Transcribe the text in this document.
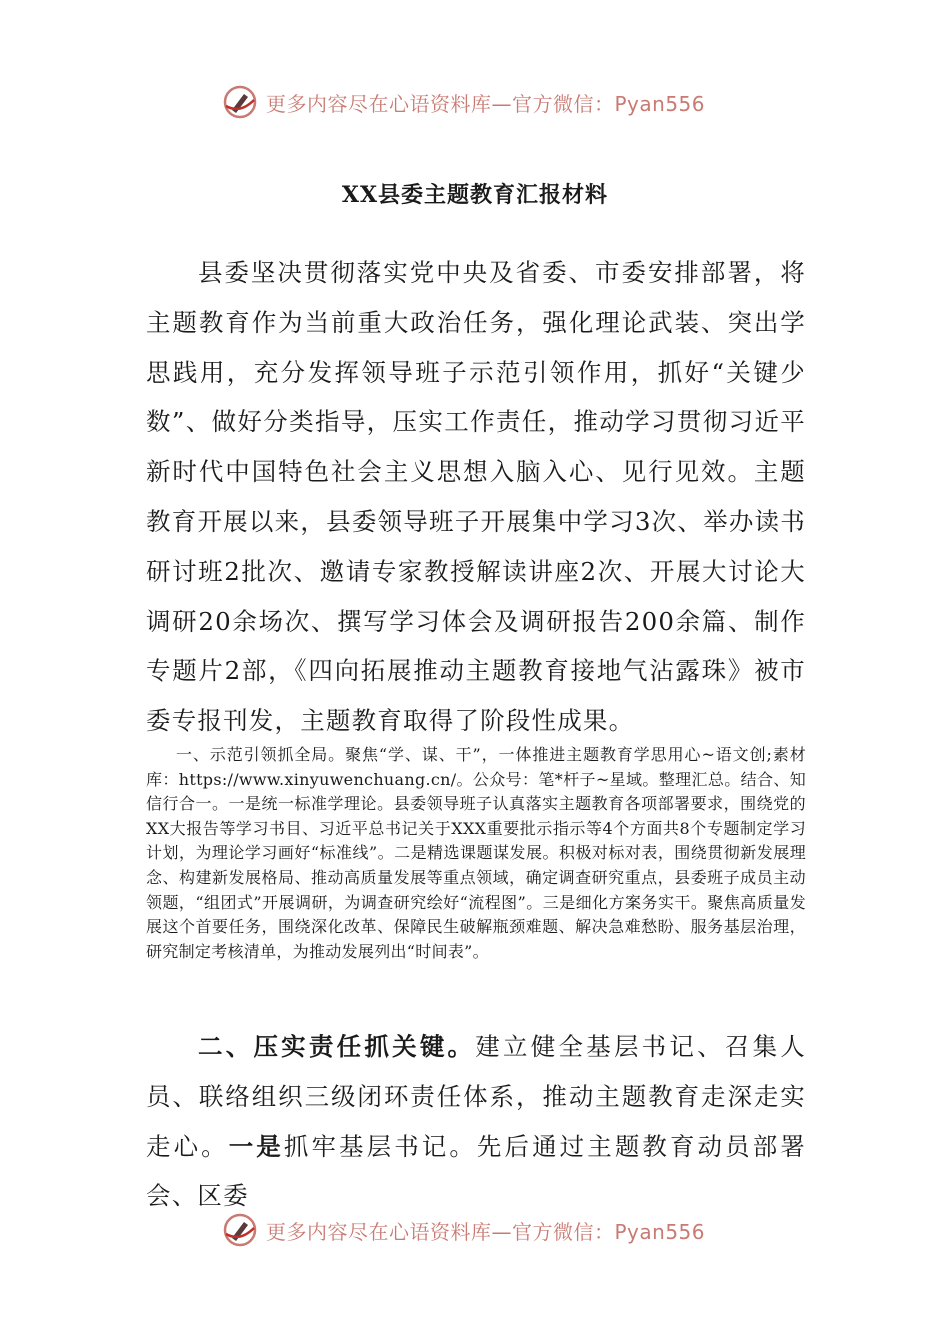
更多内容尽在心语资料库—官方微信：Pyan556
XX县委主题教育汇报材料

县委坚决贯彻落实党中央及省委、市委安排部署，将主题教育作为当前重大政治任务，强化理论武装、突出学思践用，充分发挥领导班子示范引领作用，抓好“关键少数”、做好分类指导，压实工作责任，推动学习贯彻习近平新时代中国特色社会主义思想入脑入心、见行见效。主题教育开展以来，县委领导班子开展集中学习3次、举办读书研讨班2批次、邀请专家教授解读讲座2次、开展大讨论大调研20余场次、撰写学习体会及调研报告200余篇、制作专题片2部，《四向拓展推动主题教育接地气沾露珠》被市委专报刊发，主题教育取得了阶段性成果。

一、示范引领抓全局。聚焦“学、谋、干”，一体推进主题教育学思用心~语文创;素材库：https://www.xinyuwenchuang.cn/。公众号：笔*杆子~星域。整理汇总。结合、知信行合一。一是统一标准学理论。县委领导班子认真落实主题教育各项部署要求，围绕党的XX大报告等学习书目、习近平总书记关于XXX重要批示指示等4个方面共8个专题制定学习计划，为理论学习画好“标准线”。二是精选课题谋发展。积极对标对表，围绕贯彻新发展理念、构建新发展格局、推动高质量发展等重点领域，确定调查研究重点，县委班子成员主动领题，“组团式”开展调研，为调查研究绘好“流程图”。三是细化方案务实干。聚焦高质量发展这个首要任务，围绕深化改革、保障民生破解瓶颈难题、解决急难愁盼、服务基层治理，研究制定考核清单，为推动发展列出“时间表”。

二、压实责任抓关键。建立健全基层书记、召集人员、联络组织三级闭环责任体系，推动主题教育走深走实走心。一是抓牢基层书记。先后通过主题教育动员部署会、区委

更多内容尽在心语资料库—官方微信：Pyan556
